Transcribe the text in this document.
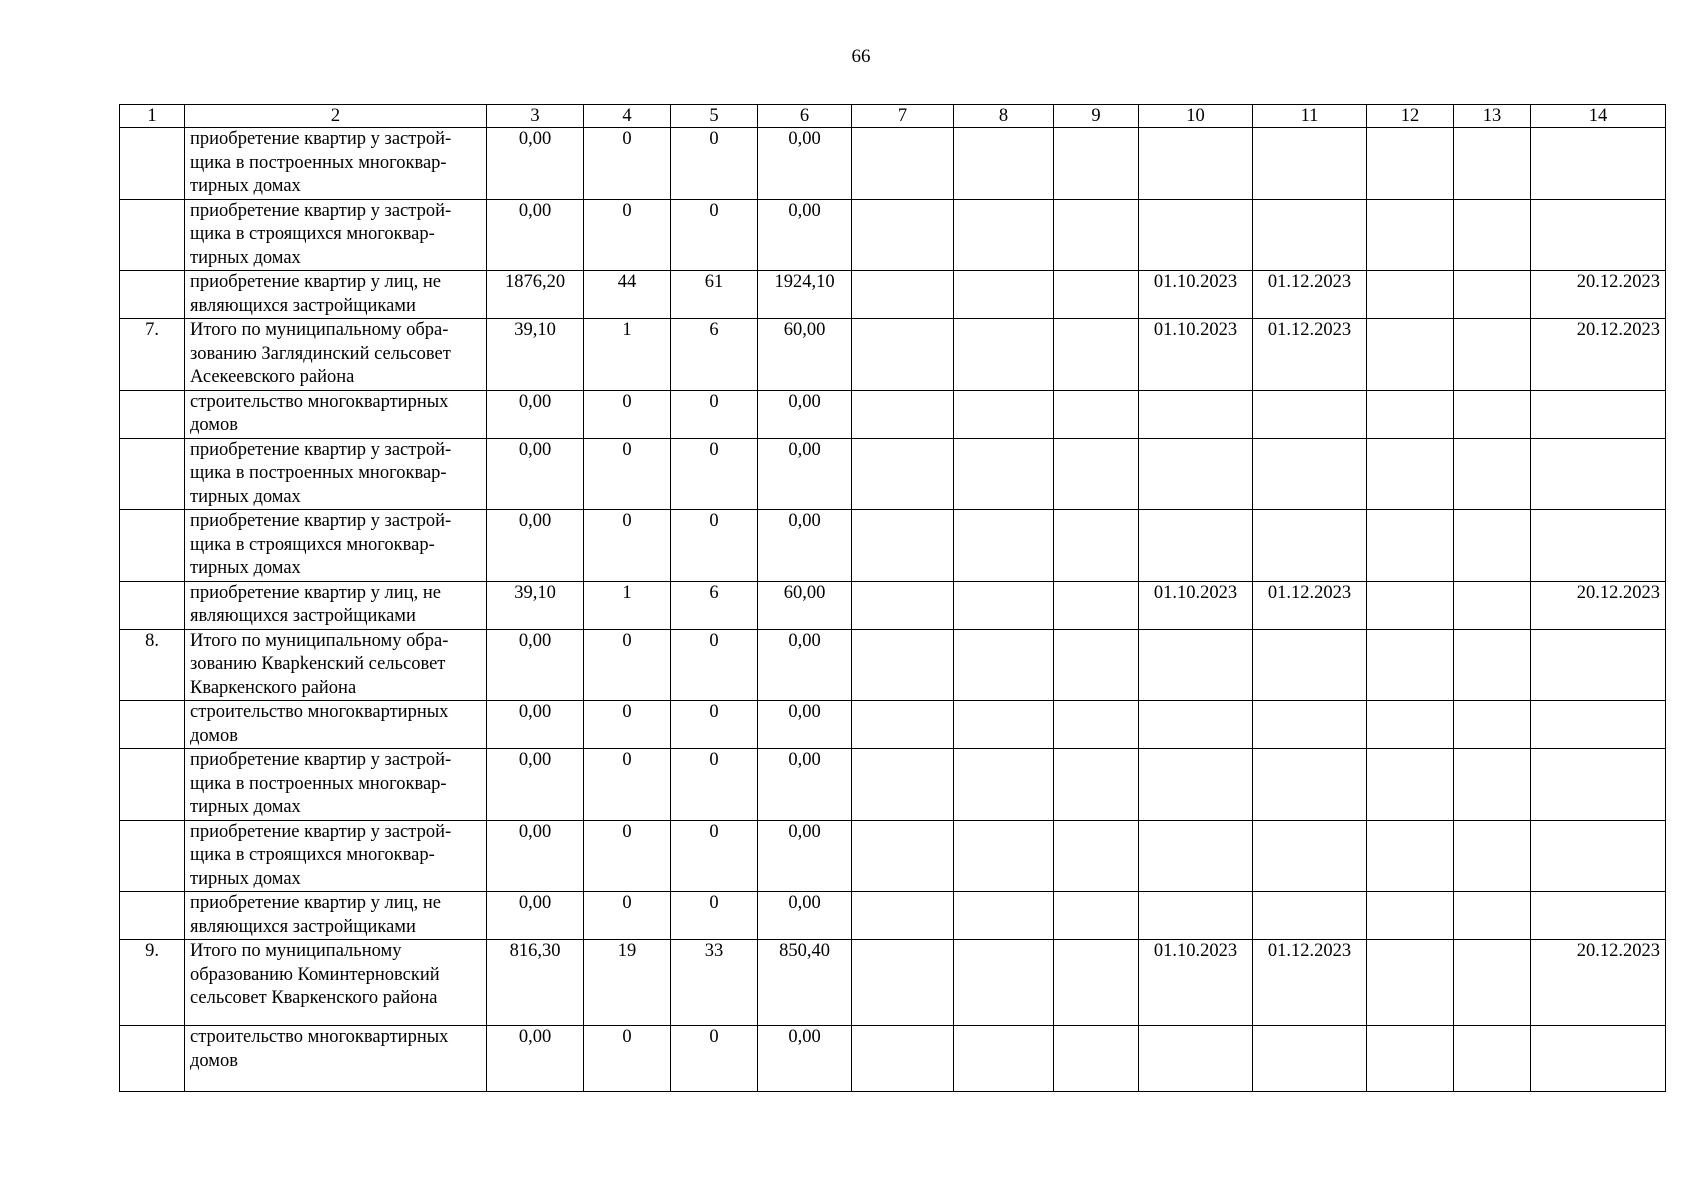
66
1	2	3	4	5	6	7	8	9	10	11	12	13	14
	приобретение квартир у застрой-щика в построенных многоквар-тирных домах	0,00	0	0	0,00								
	приобретение квартир у застрой-щика в строящихся многоквар-тирных домах	0,00	0	0	0,00								
	приобретение квартир у лиц, не являющихся застройщиками	1876,20	44	61	1924,10				01.10.2023	01.12.2023			20.12.2023
7.	Итого по муниципальному обра-зованию Заглядинский сельсовет Асекеевского района	39,10	1	6	60,00				01.10.2023	01.12.2023			20.12.2023
	строительство многоквартирных домов	0,00	0	0	0,00								
	приобретение квартир у застрой-щика в построенных многоквар-тирных домах	0,00	0	0	0,00								
	приобретение квартир у застрой-щика в строящихся многоквар-тирных домах	0,00	0	0	0,00								
	приобретение квартир у лиц, не являющихся застройщиками	39,10	1	6	60,00				01.10.2023	01.12.2023			20.12.2023
8.	Итого по муниципальному обра-зованию Кварkенский сельсовет Кваркенского района	0,00	0	0	0,00								
	строительство многоквартирных домов	0,00	0	0	0,00								
	приобретение квартир у застрой-щика в построенных многоквар-тирных домах	0,00	0	0	0,00								
	приобретение квартир у застрой-щика в строящихся многоквар-тирных домах	0,00	0	0	0,00								
	приобретение квартир у лиц, не являющихся застройщиками	0,00	0	0	0,00								
9.	Итого по муниципальному образованию Коминтерновский сельсовет Кваркенского района	816,30	19	33	850,40				01.10.2023	01.12.2023			20.12.2023
	строительство многоквартирных домов	0,00	0	0	0,00								
